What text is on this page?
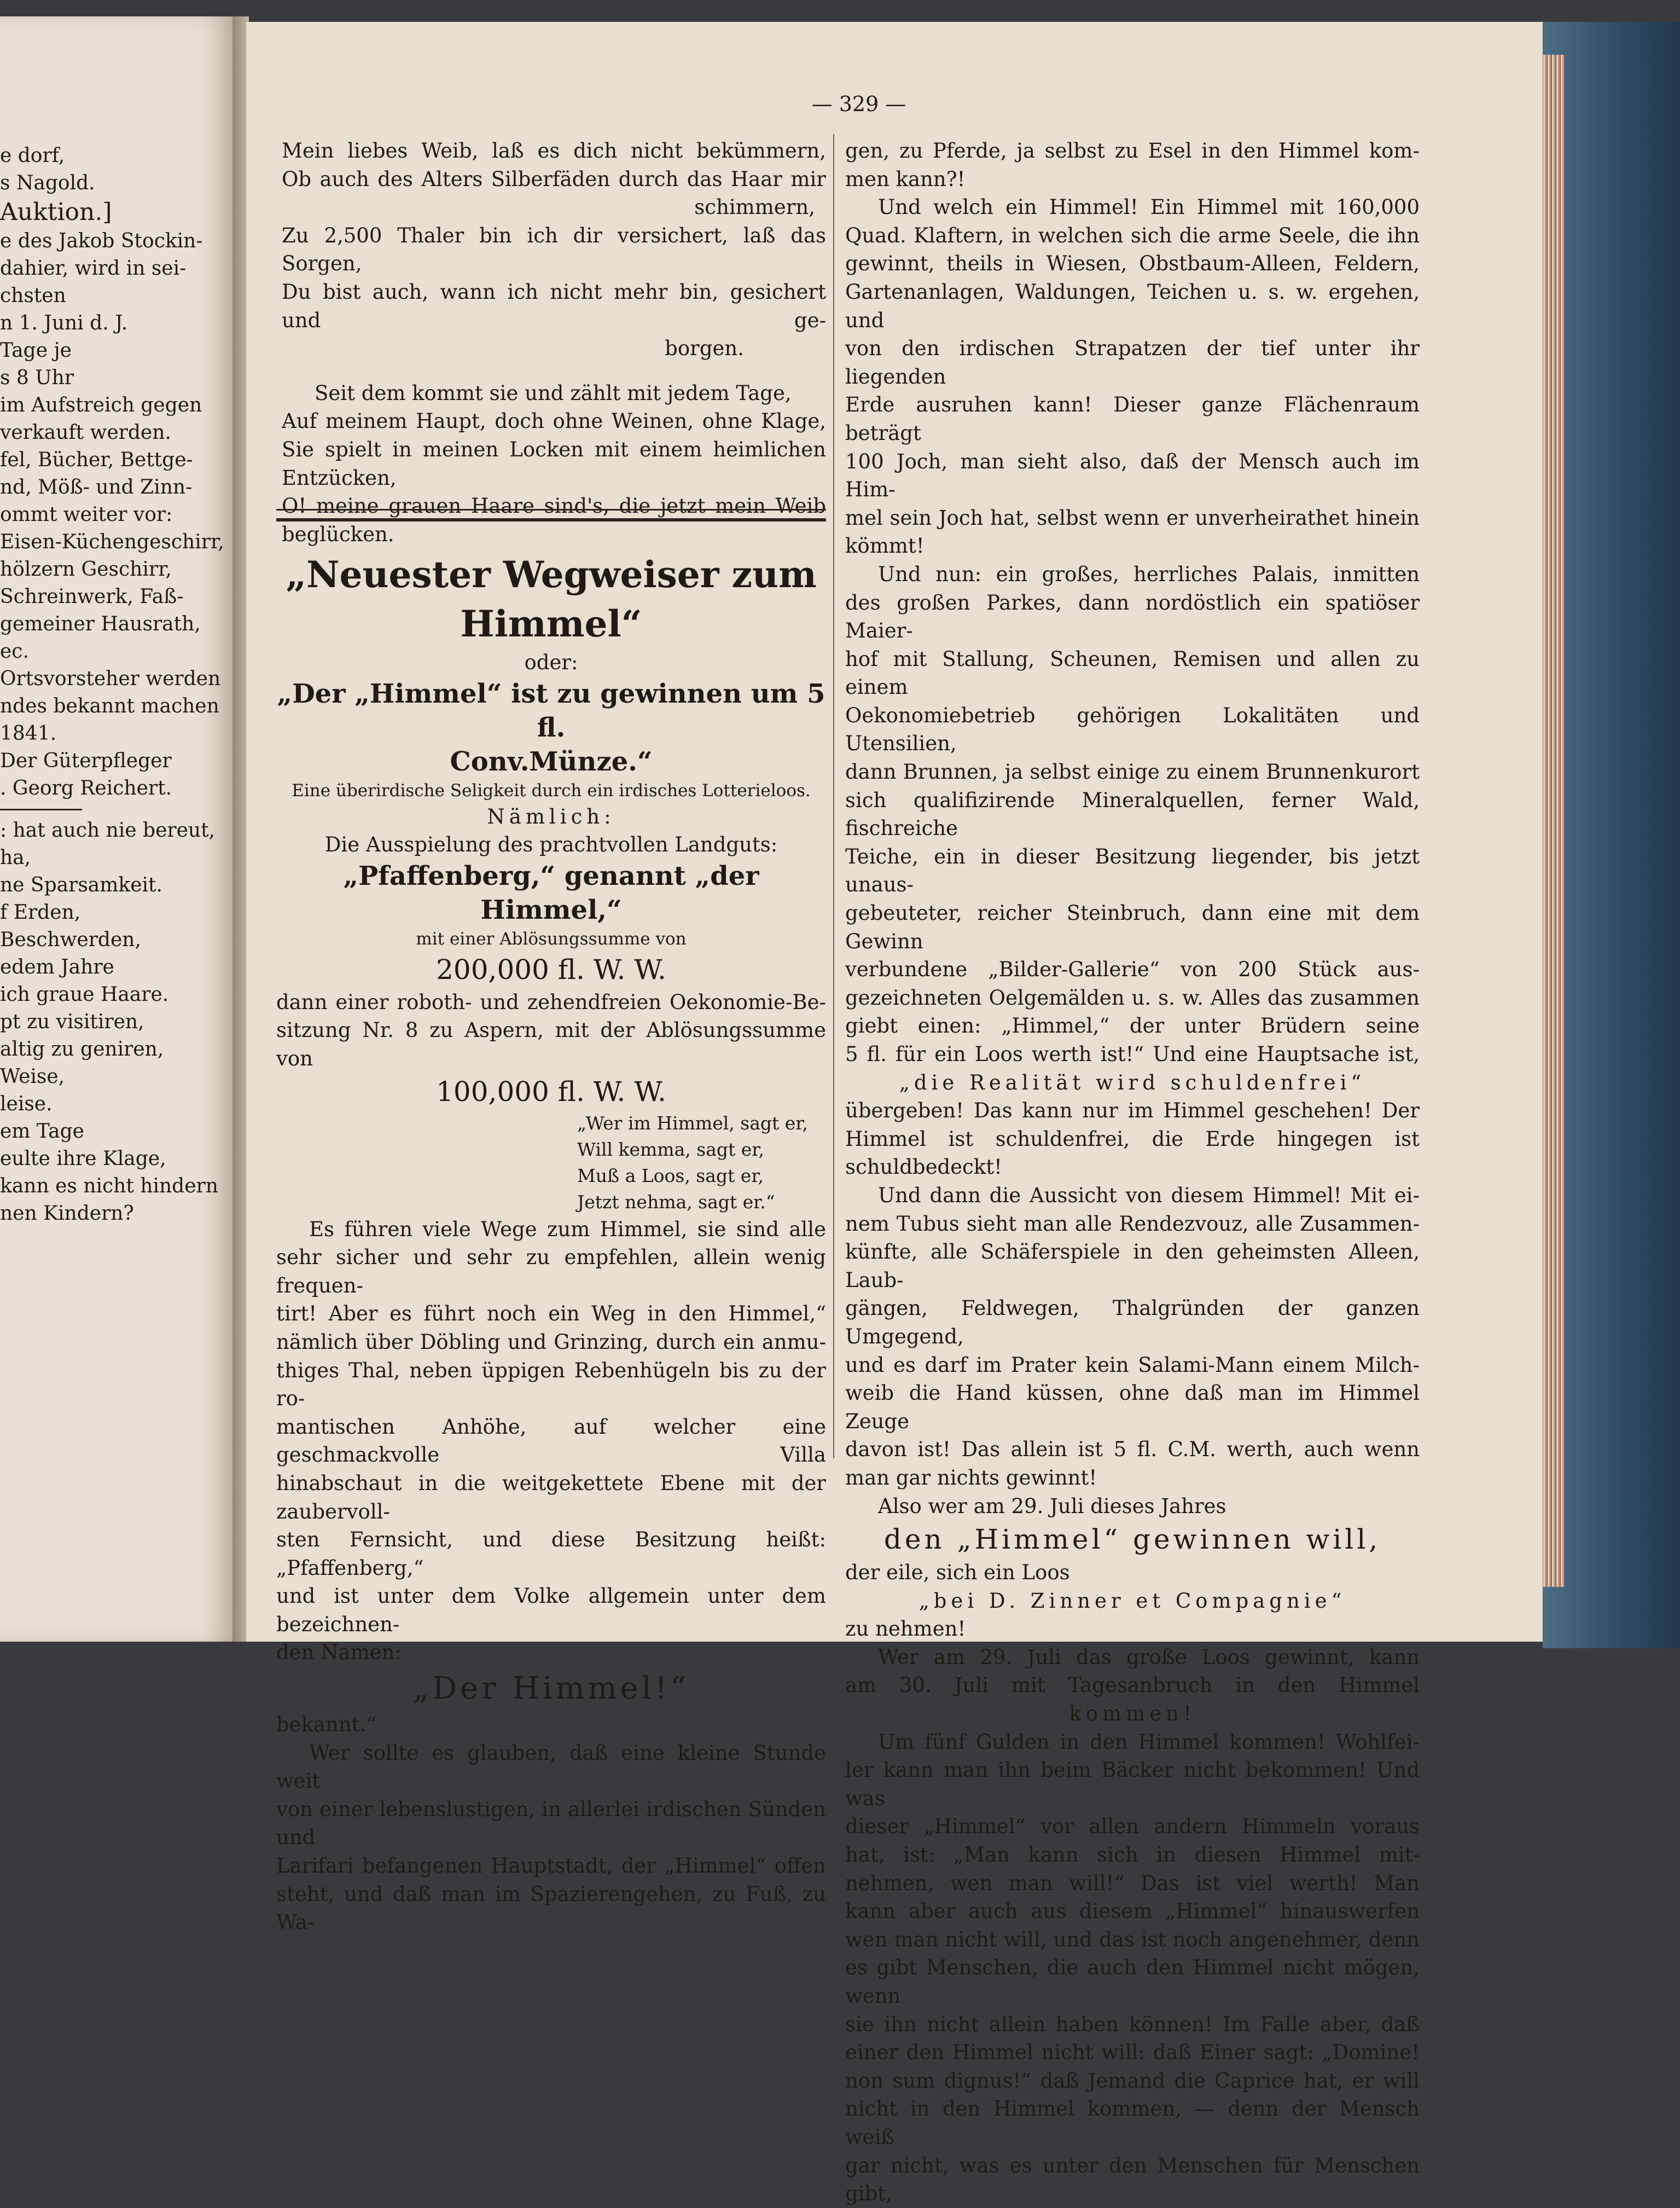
e dorf,

s Nagold.

Auktion.]

e des Jakob Stockin-

dahier, wird in sei-

chsten

n 1. Juni d. J.

Tage je

s 8 Uhr

im Aufstreich gegen

verkauft werden.

fel, Bücher, Bettge-

nd, Möß- und Zinn-

ommt weiter vor:

Eisen-Küchengeschirr,

hölzern Geschirr,

Schreinwerk, Faß-

gemeiner Hausrath,

ec.

Ortsvorsteher werden

ndes bekannt machen

1841.

Der Güterpfleger

. Georg Reichert.

: hat auch nie bereut,

ha,

ne Sparsamkeit.

f Erden,

Beschwerden,

edem Jahre

ich graue Haare.

pt zu visitiren,

altig zu geniren,

Weise,

leise.

em Tage

eulte ihre Klage,

kann es nicht hindern

nen Kindern?

— 329 —

Mein liebes Weib, laß es dich nicht bekümmern,

Ob auch des Alters Silberfäden durch das Haar mir

schimmern,

Zu 2,500 Thaler bin ich dir versichert, laß das Sorgen,

Du bist auch, wann ich nicht mehr bin, gesichert und ge-

borgen.

Seit dem kommt sie und zählt mit jedem Tage,

Auf meinem Haupt, doch ohne Weinen, ohne Klage,

Sie spielt in meinen Locken mit einem heimlichen Entzücken,

O! meine grauen Haare sind's, die jetzt mein Weib beglücken.

„Neuester Wegweiser zum Himmel“

oder:

„Der „Himmel“ ist zu gewinnen um 5 fl.

Conv.Münze.“

Eine überirdische Seligkeit durch ein irdisches Lotterieloos.

Nämlich:

Die Ausspielung des prachtvollen Landguts:

„Pfaffenberg,“ genannt „der Himmel,“

mit einer Ablösungssumme von

200,000 fl. W. W.

dann einer roboth- und zehendfreien Oekonomie-Be-

sitzung Nr. 8 zu Aspern, mit der Ablösungssumme von

100,000 fl. W. W.

„Wer im Himmel, sagt er,

Will kemma, sagt er,

Muß a Loos, sagt er,

Jetzt nehma, sagt er.“

Es führen viele Wege zum Himmel, sie sind alle

sehr sicher und sehr zu empfehlen, allein wenig frequen-

tirt! Aber es führt noch ein Weg in den Himmel,“

nämlich über Döbling und Grinzing, durch ein anmu-

thiges Thal, neben üppigen Rebenhügeln bis zu der ro-

mantischen Anhöhe, auf welcher eine geschmackvolle Villa

hinabschaut in die weitgekettete Ebene mit der zaubervoll-

sten Fernsicht, und diese Besitzung heißt: „Pfaffenberg,“

und ist unter dem Volke allgemein unter dem bezeichnen-

den Namen:

„Der Himmel!“

bekannt.“

Wer sollte es glauben, daß eine kleine Stunde weit

von einer lebenslustigen, in allerlei irdischen Sünden und

Larifari befangenen Hauptstadt, der „Himmel“ offen

steht, und daß man im Spazierengehen, zu Fuß, zu Wa-

gen, zu Pferde, ja selbst zu Esel in den Himmel kom-

men kann?!

Und welch ein Himmel! Ein Himmel mit 160,000

Quad. Klaftern, in welchen sich die arme Seele, die ihn

gewinnt, theils in Wiesen, Obstbaum-Alleen, Feldern,

Gartenanlagen, Waldungen, Teichen u. s. w. ergehen, und

von den irdischen Strapatzen der tief unter ihr liegenden

Erde ausruhen kann! Dieser ganze Flächenraum beträgt

100 Joch, man sieht also, daß der Mensch auch im Him-

mel sein Joch hat, selbst wenn er unverheirathet hinein

kömmt!

Und nun: ein großes, herrliches Palais, inmitten

des großen Parkes, dann nordöstlich ein spatiöser Maier-

hof mit Stallung, Scheunen, Remisen und allen zu einem

Oekonomiebetrieb gehörigen Lokalitäten und Utensilien,

dann Brunnen, ja selbst einige zu einem Brunnenkurort

sich qualifizirende Mineralquellen, ferner Wald, fischreiche

Teiche, ein in dieser Besitzung liegender, bis jetzt unaus-

gebeuteter, reicher Steinbruch, dann eine mit dem Gewinn

verbundene „Bilder-Gallerie“ von 200 Stück aus-

gezeichneten Oelgemälden u. s. w. Alles das zusammen

giebt einen: „Himmel,“ der unter Brüdern seine

5 fl. für ein Loos werth ist!“ Und eine Hauptsache ist,

„die Realität wird schuldenfrei“

übergeben! Das kann nur im Himmel geschehen! Der

Himmel ist schuldenfrei, die Erde hingegen ist

schuldbedeckt!

Und dann die Aussicht von diesem Himmel! Mit ei-

nem Tubus sieht man alle Rendezvouz, alle Zusammen-

künfte, alle Schäferspiele in den geheimsten Alleen, Laub-

gängen, Feldwegen, Thalgründen der ganzen Umgegend,

und es darf im Prater kein Salami-Mann einem Milch-

weib die Hand küssen, ohne daß man im Himmel Zeuge

davon ist! Das allein ist 5 fl. C.M. werth, auch wenn

man gar nichts gewinnt!

Also wer am 29. Juli dieses Jahres

den „Himmel“ gewinnen will,

der eile, sich ein Loos

„bei D. Zinner et Compagnie“

zu nehmen!

Wer am 29. Juli das große Loos gewinnt, kann

am 30. Juli mit Tagesanbruch in den Himmel

kommen!

Um fünf Gulden in den Himmel kommen! Wohlfei-

ler kann man ihn beim Bäcker nicht bekommen! Und was

dieser „Himmel“ vor allen andern Himmeln voraus

hat, ist: „Man kann sich in diesen Himmel mit-

nehmen, wen man will!“ Das ist viel werth! Man

kann aber auch aus diesem „Himmel“ hinauswerfen

wen man nicht will, und das ist noch angenehmer, denn

es gibt Menschen, die auch den Himmel nicht mögen, wenn

sie ihn nicht allein haben können! Im Falle aber, daß

einer den Himmel nicht will: daß Einer sagt: „Domine!

non sum dignus!“ daß Jemand die Caprice hat, er will

nicht in den Himmel kommen, — denn der Mensch weiß

gar nicht, was es unter den Menschen für Menschen gibt,
